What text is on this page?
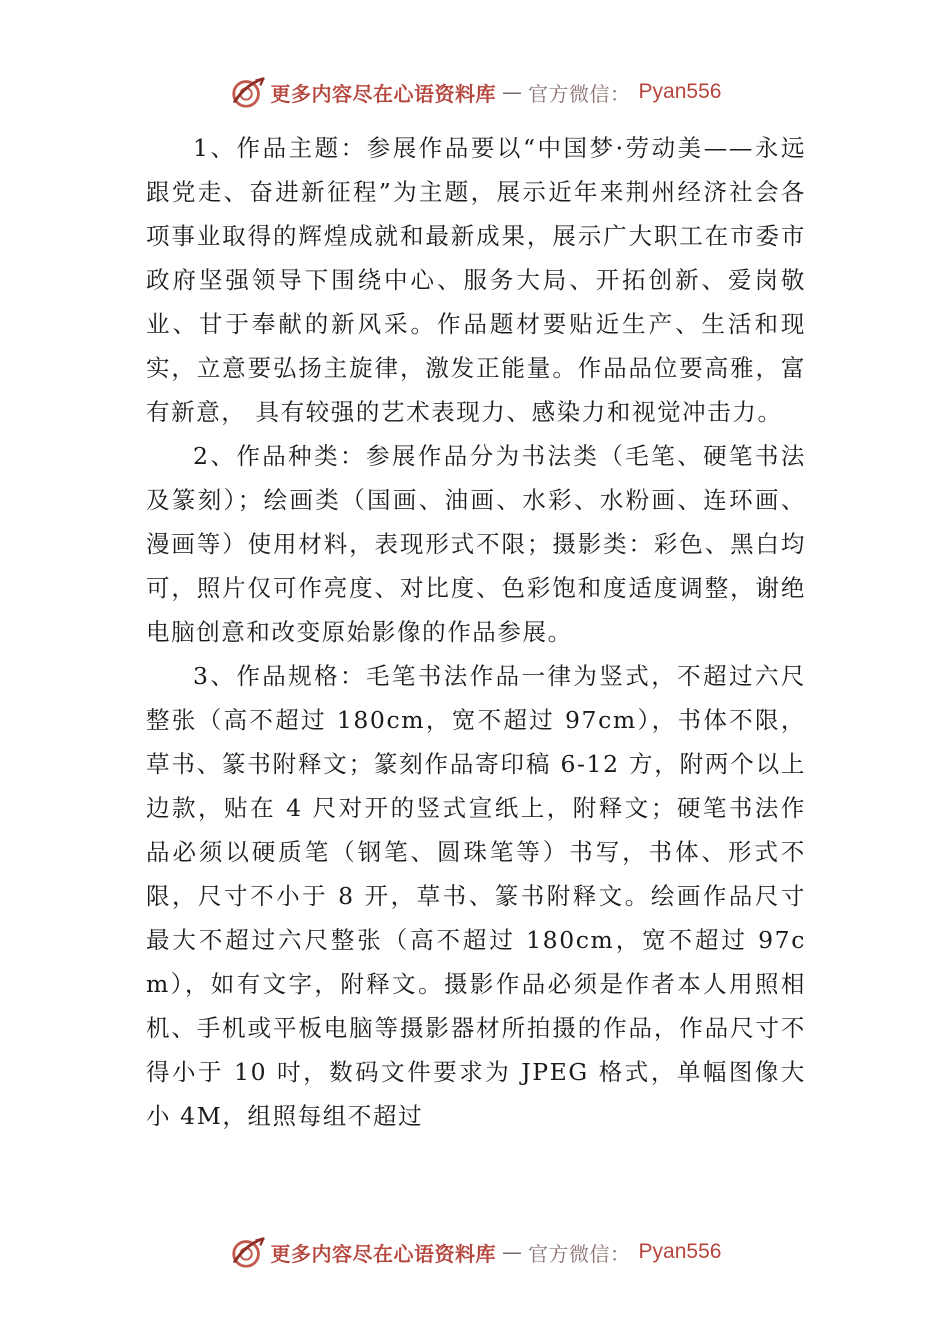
更多内容尽在心语资料库 — 官方微信： Pyan556

1、作品主题：参展作品要以“中国梦·劳动美——永远跟党走、奋进新征程”为主题，展示近年来荆州经济社会各项事业取得的辉煌成就和最新成果，展示广大职工在市委市政府坚强领导下围绕中心、服务大局、开拓创新、爱岗敬业、甘于奉献的新风采。作品题材要贴近生产、生活和现实，立意要弘扬主旋律，激发正能量。作品品位要高雅，富有新意， 具有较强的艺术表现力、感染力和视觉冲击力。

2、作品种类：参展作品分为书法类（毛笔、硬笔书法及篆刻）；绘画类（国画、油画、水彩、水粉画、连环画、 漫画等）使用材料，表现形式不限；摄影类：彩色、黑白均可，照片仅可作亮度、对比度、色彩饱和度适度调整，谢绝电脑创意和改变原始影像的作品参展。

3、作品规格：毛笔书法作品一律为竖式，不超过六尺整张（高不超过 180cm，宽不超过 97cm），书体不限，草书、篆书附释文；篆刻作品寄印稿 6-12 方，附两个以上边款，贴在 4 尺对开的竖式宣纸上，附释文；硬笔书法作品必须以硬质笔（钢笔、圆珠笔等）书写，书体、形式不限，尺寸不小于 8 开，草书、篆书附释文。绘画作品尺寸最大不超过六尺整张（高不超过 180cm，宽不超过 97cm），如有文字，附释文。摄影作品必须是作者本人用照相机、手机或平板电脑等摄影器材所拍摄的作品，作品尺寸不得小于 10 吋，数码文件要求为 JPEG 格式，单幅图像大小 4M，组照每组不超过

更多内容尽在心语资料库 — 官方微信： Pyan556
